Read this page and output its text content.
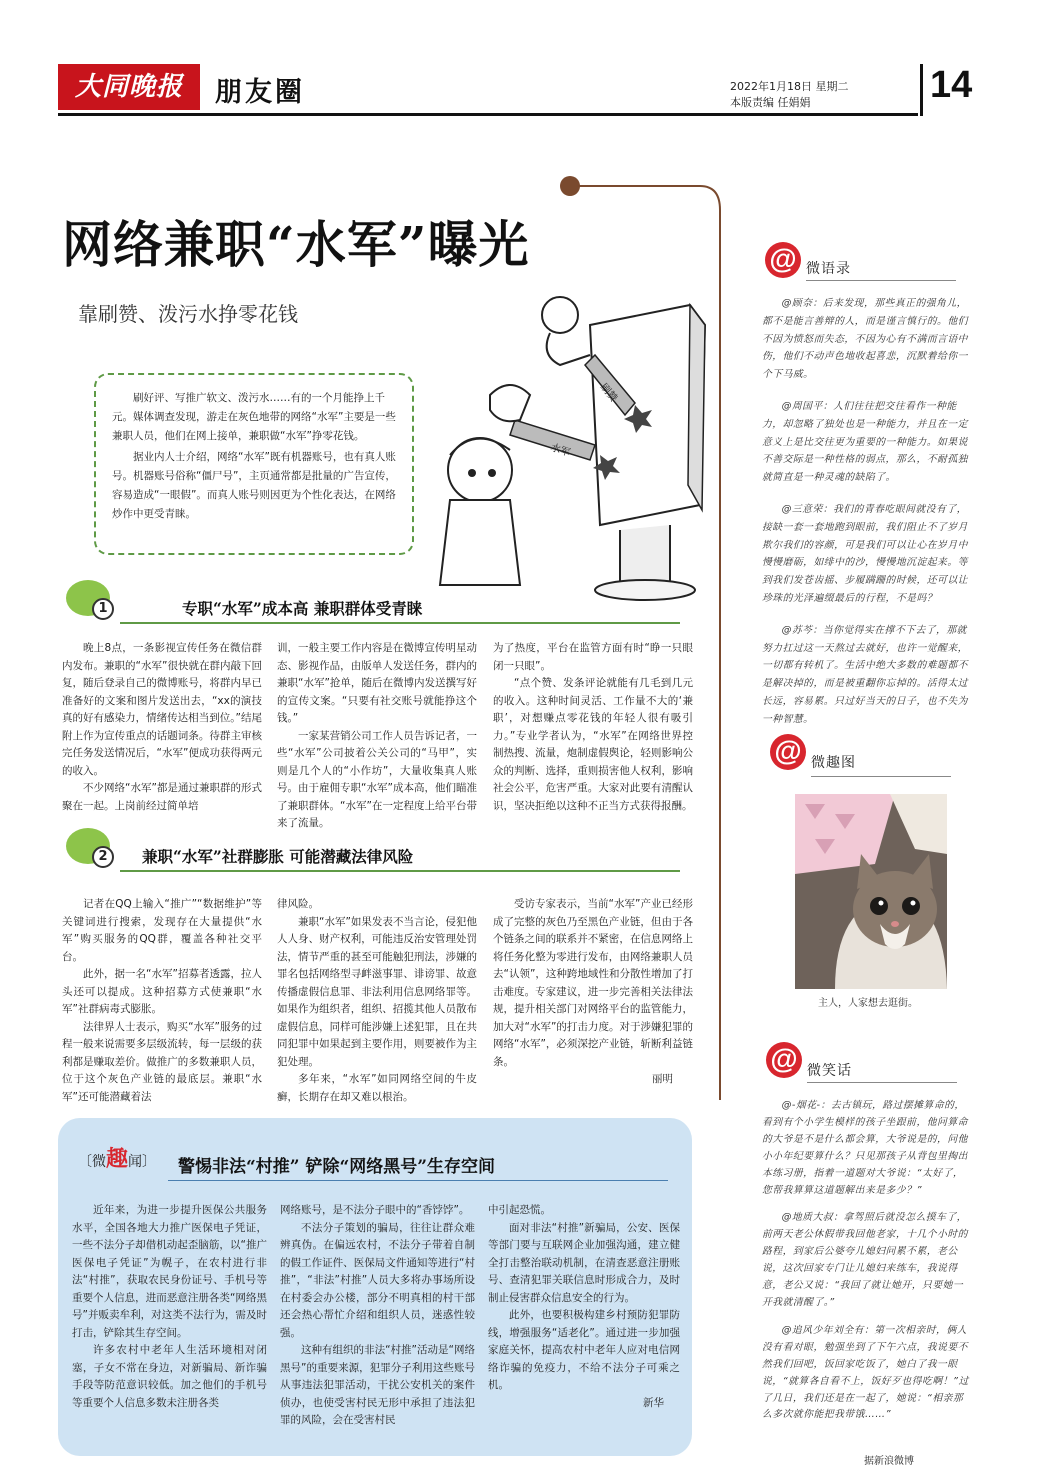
大同晚报	朋友圈	2022年1月18日 星期二
本版责编 任娟娟	14
网络兼职“水军”曝光
靠刷赞、泼污水挣零花钱

刷好评、写推广软文、泼污水……有的一个月能挣上千元。媒体调查发现，游走在灰色地带的网络“水军”主要是一些兼职人员，他们在网上接单，兼职做“水军”挣零花钱。

据业内人士介绍，网络“水军”既有机器账号，也有真人账号。机器账号俗称“僵尸号”，主页通常都是批量的广告宣传，容易造成“一眼假”。而真人账号则因更为个性化表达，在网络炒作中更受青睐。

刷赞
水军
1	专职“水军”成本高 兼职群体受青睐

晚上8点，一条影视宣传任务在微信群内发布。兼职的“水军”很快就在群内敲下回复，随后登录自己的微博账号，将群内早已准备好的文案和图片发送出去，“xx的演技真的好有感染力，情绪传达相当到位。”结尾附上作为宣传重点的话题词条。待群主审核完任务发送情况后，“水军”便成功获得两元的收入。

不少网络“水军”都是通过兼职群的形式聚在一起。上岗前经过简单培

训，一般主要工作内容是在微博宣传明星动态、影视作品，由版单人发送任务，群内的兼职“水军”抢单，随后在微博内发送撰写好的宣传文案。“只要有社交账号就能挣这个钱。”

一家某营销公司工作人员告诉记者，一些“水军”公司披着公关公司的“马甲”，实则是几个人的“小作坊”，大量收集真人账号。由于雇佣专职“水军”成本高，他们瞄准了兼职群体。“水军”在一定程度上给平台带来了流量。

为了热度，平台在监管方面有时“睁一只眼闭一只眼”。

“点个赞、发条评论就能有几毛到几元的收入。这种时间灵活、工作量不大的‘兼职’，对想赚点零花钱的年轻人很有吸引力。”专业学者认为，“水军”在网络世界控制热搜、流量，炮制虚假舆论，轻则影响公众的判断、选择，重则损害他人权利，影响社会公平，危害严重。大家对此要有清醒认识，坚决拒绝以这种不正当方式获得报酬。

2	兼职“水军”社群膨胀 可能潜藏法律风险

记者在QQ上输入“推广”“数据维护”等关键词进行搜索，发现存在大量提供“水军”购买服务的QQ群，覆盖各种社交平台。

此外，据一名“水军”招募者透露，拉人头还可以提成。这种招募方式使兼职“水军”社群病毒式膨胀。

法律界人士表示，购买“水军”服务的过程一般来说需要多层级流转，每一层级的获利都是赚取差价。做推广的多数兼职人员，位于这个灰色产业链的最底层。兼职“水军”还可能潜藏着法

律风险。

兼职“水军”如果发表不当言论，侵犯他人人身、财产权利，可能违反治安管理处罚法，情节严重的甚至可能触犯刑法，涉嫌的罪名包括网络型寻衅滋事罪、诽谤罪、故意传播虚假信息罪、非法利用信息网络罪等。如果作为组织者，组织、招揽其他人员散布虚假信息，同样可能涉嫌上述犯罪，且在共同犯罪中如果起到主要作用，则要被作为主犯处理。

多年来，“水军”如同网络空间的牛皮癣，长期存在却又难以根治。

受访专家表示，当前“水军”产业已经形成了完整的灰色乃至黑色产业链，但由于各个链条之间的联系并不紧密，在信息网络上将任务化整为零进行发布，由网络兼职人员去“认领”，这种跨地域性和分散性增加了打击难度。专家建议，进一步完善相关法律法规，提升相关部门对网络平台的监管能力，加大对“水军”的打击力度。对于涉嫌犯罪的网络“水军”，必须深挖产业链，斩断利益链条。

丽明

@ 微语录

@顾奈：后来发现，那些真正的强角儿，都不是能言善辩的人，而是谨言慎行的。他们不因为愤怒而失态，不因为心有不满而言语中伤，他们不动声色地收起喜悲，沉默着给你一个下马威。

@周国平：人们往往把交往看作一种能力，却忽略了独处也是一种能力，并且在一定意义上是比交往更为重要的一种能力。如果说不善交际是一种性格的弱点，那么，不耐孤独就简直是一种灵魂的缺陷了。

@三意荣：我们的青春吃眼间就没有了，接缺一套一套地跑到眼前，我们阻止不了岁月欺尔我们的容颜，可是我们可以让心在岁月中慢慢磨砺，如绯中的沙，慢慢地沉淀起来。等到我们发苍齿摇、步履蹒跚的时候，还可以让珍珠的光泽遍缀最后的行程，不是吗？

@苏芩：当你觉得实在撑不下去了，那就努力扛过这一天熬过去就好，也许一觉醒来，一切都有转机了。生活中绝大多数的难题都不是解决掉的，而是被重翻你忘掉的。活得太过长远，容易累。只过好当天的日子，也不失为一种智慧。

@ 微趣图
主人，人家想去逛街。
@ 微笑话

@-烟花-：去古镇玩，路过摆摊算命的，看到有个小学生模样的孩子坐跟前，他问算命的大爷是不是什么都会算，大爷说是的，问他小小年纪要算什么？只见那孩子从背包里掏出本练习册，指着一道题对大爷说：“太好了，您帮我算算这道题解出来是多少？”

@地质大叔：拿驾照后就没怎么摸车了，前两天老公休假带我回他老家，十几个小时的路程，到家后公婆夸儿媳妇问累不累，老公说，这次回家专门让儿媳妇来练车，我说得意，老公又说：“我回了就让她开，只要她一开我就清醒了。”

@追风少年刘全有：第一次相亲时，俩人没有看对眼，勉强坐到了下午六点，我说要不然我们回吧，饭回家吃饭了，她白了我一眼说，“就算各自看不上，饭好歹也得吃啊！”过了几日，我们还是在一起了，她说：“相亲那么多次就你能把我带饿……”

据新浪微博
〔微趣闻〕 警惕非法“村推” 铲除“网络黑号”生存空间

近年来，为进一步提升医保公共服务水平，全国各地大力推广医保电子凭证，一些不法分子却借机动起歪脑筋，以“推广医保电子凭证”为幌子，在农村进行非法“村推”，获取农民身份证号、手机号等重要个人信息，进而恶意注册各类“网络黑号”并贩卖牟利，对这类不法行为，需及时打击，铲除其生存空间。

许多农村中老年人生活环境相对闭塞，子女不常在身边，对新骗局、新诈骗手段等防范意识较低。加之他们的手机号等重要个人信息多数未注册各类

网络账号，是不法分子眼中的“香饽饽”。

不法分子策划的骗局，往往让群众难辨真伪。在偏远农村，不法分子带着自制的假工作证件、医保局文件通知等进行“村推”，“非法”村推”人员大多将办事场所设在村委会办公楼，部分不明真相的村干部还会热心帮忙介绍和组织人员，迷惑性较强。

这种有组织的非法“村推”活动是“网络黑号”的重要来源，犯罪分子利用这些账号从事违法犯罪活动，干扰公安机关的案件侦办，也使受害村民无形中承担了违法犯罪的风险，会在受害村民

中引起恐慌。

面对非法“村推”新骗局，公安、医保等部门要与互联网企业加强沟通，建立健全打击整治联动机制，在清查恶意注册账号、查清犯罪关联信息时形成合力，及时制止侵害群众信息安全的行为。

此外，也要积极构建乡村预防犯罪防线，增强服务“适老化”。通过进一步加强家庭关怀，提高农村中老年人应对电信网络诈骗的免疫力，不给不法分子可乘之机。

新华
